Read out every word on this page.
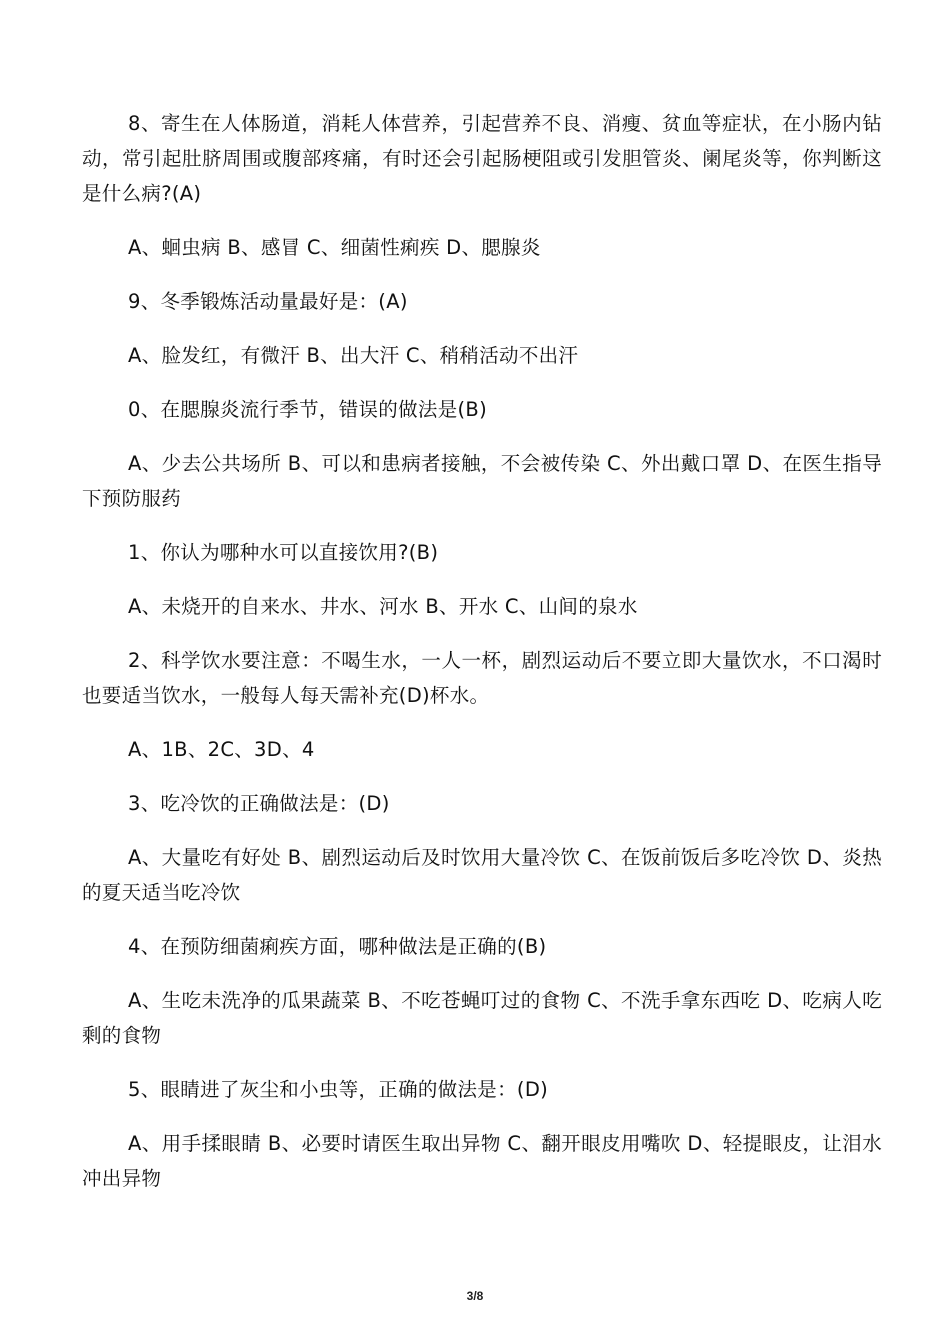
8、寄生在人体肠道，消耗人体营养，引起营养不良、消瘦、贫血等症状，在小肠内钻动，常引起肚脐周围或腹部疼痛，有时还会引起肠梗阻或引发胆管炎、阑尾炎等，你判断这是什么病?(A)

A、蛔虫病 B、感冒 C、细菌性痢疾 D、腮腺炎

9、冬季锻炼活动量最好是：(A)

A、脸发红，有微汗 B、出大汗 C、稍稍活动不出汗

0、在腮腺炎流行季节，错误的做法是(B)

A、少去公共场所 B、可以和患病者接触，不会被传染 C、外出戴口罩 D、在医生指导下预防服药

1、你认为哪种水可以直接饮用?(B)

A、未烧开的自来水、井水、河水 B、开水 C、山间的泉水

2、科学饮水要注意：不喝生水，一人一杯，剧烈运动后不要立即大量饮水，不口渴时也要适当饮水，一般每人每天需补充(D)杯水。

A、1B、2C、3D、4

3、吃冷饮的正确做法是：(D)

A、大量吃有好处 B、剧烈运动后及时饮用大量冷饮 C、在饭前饭后多吃冷饮 D、炎热的夏天适当吃冷饮

4、在预防细菌痢疾方面，哪种做法是正确的(B)

A、生吃未洗净的瓜果蔬菜 B、不吃苍蝇叮过的食物 C、不洗手拿东西吃 D、吃病人吃剩的食物

5、眼睛进了灰尘和小虫等，正确的做法是：(D)

A、用手揉眼睛 B、必要时请医生取出异物 C、翻开眼皮用嘴吹 D、轻提眼皮，让泪水冲出异物

3/8
